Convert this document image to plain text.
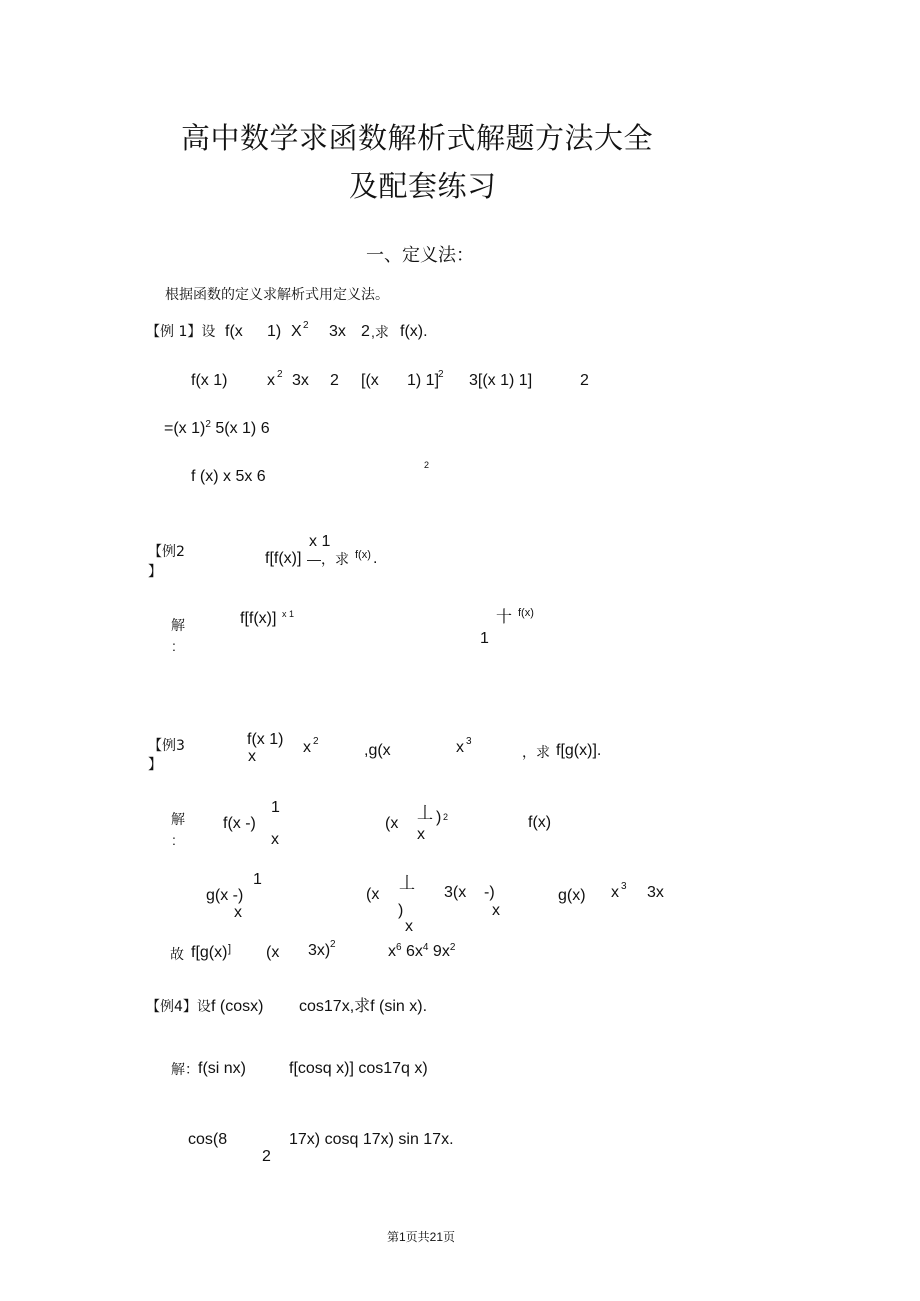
高中数学求函数解析式解题方法大全
及配套练习
一、定义法：
根据函数的定义求解析式用定义法。
【例 1】设 f(x 1) X 2 3x 2 ,求 f(x).
f(x 1) x 2 3x 2 [(x 1) 1]
2 3[(x 1) 1]	2
=(x 1)$^2$ 5(x 1) 6
f (x) x 5x 6
2
【例2
】
x 1
f[f(x)] —，求 f(x) .
解
:
f[f(x)] x 1	十 f(x)
1
【例3
】
f(x 1)
x
x 2
,g(x	x 3
，求 f[g(x)].
解
:
f(x -)
1
x
(x
丄 ) 2
x
f(x)
g(x -)
1
x
(x
丄
)
x
3(x -)
x
g(x) x 3 3x
故 f[g(x) ] (x 3x) 2	$x^6$ $6x^4$ $9x^2$
【例4】设 f (cosx) cos17x,求f (sin x).
解： f(si nx)	f[cosq x)] cos17q x)
cos(8
2
17x) cosq 17x) sin 17x.
第1页共21页
